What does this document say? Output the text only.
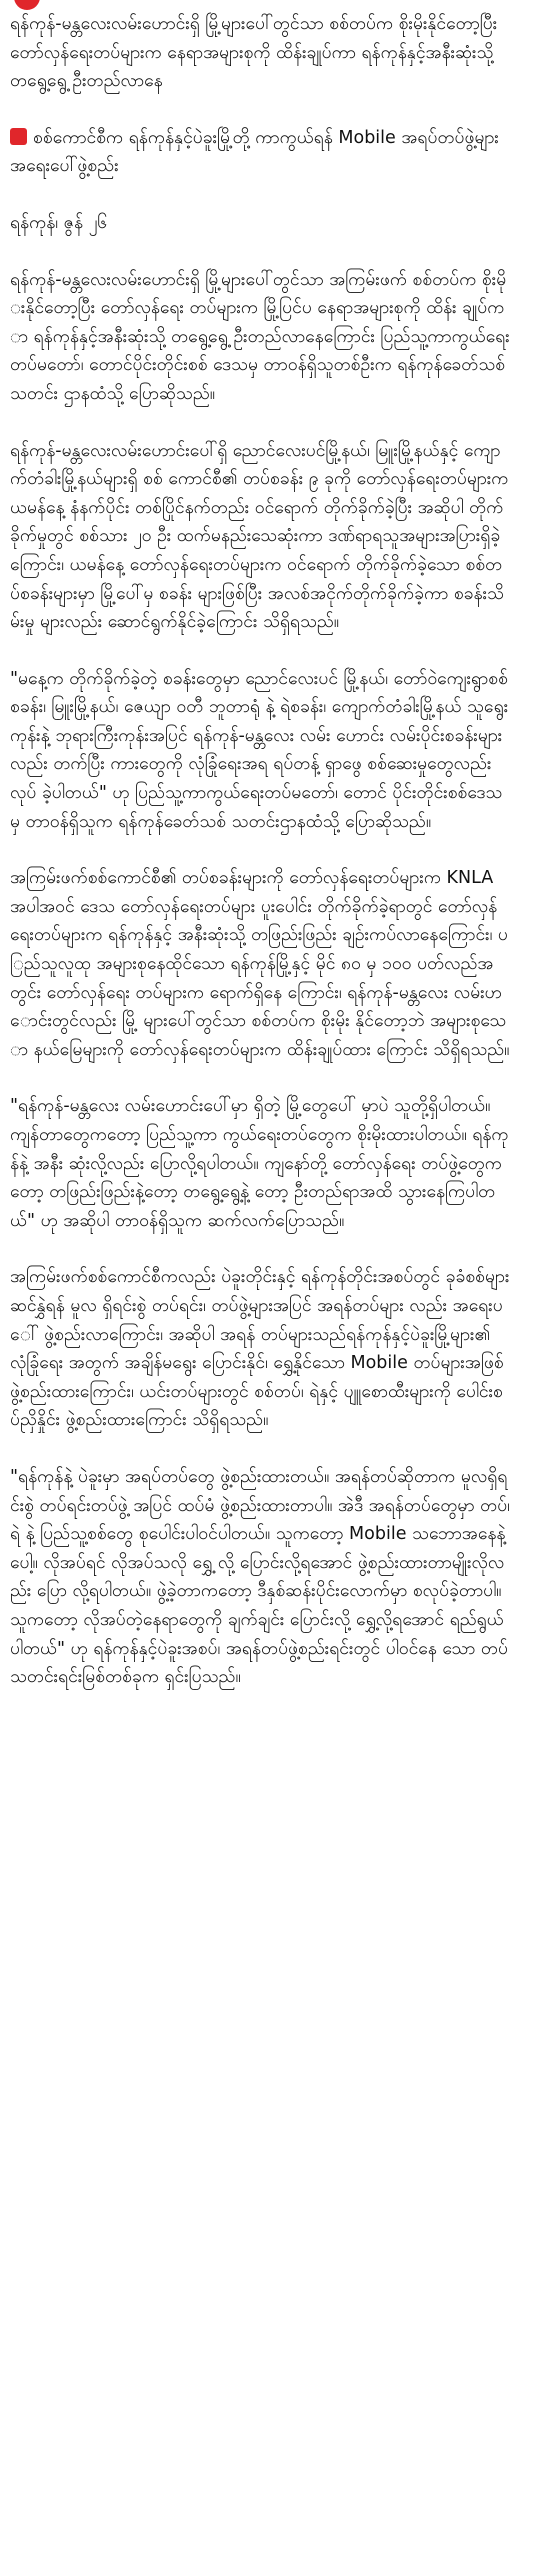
ရန်ကုန်-မန္တလေးလမ်းဟောင်းရှိ မြို့များပေါ်တွင်သာ စစ်တပ်က စိုးမိုးနိုင်တော့ပြီး တော်လှန်ရေးတပ်များက နေရာအများစုကို ထိန်းချုပ်ကာ ရန်ကုန်နှင့်အနီးဆုံးသို့ တရွေ့ရွေ့ ဦးတည်လာနေ

စစ်ကောင်စီက ရန်ကုန်နှင့်ပဲခူးမြို့တို့ ကာကွယ်ရန် Mobile အရပ်တပ်ဖွဲ့များ အရေးပေါ်ဖွဲ့စည်း

ရန်ကုန်၊ ဇွန် ၂၆

ရန်ကုန်-မန္တလေးလမ်းဟောင်းရှိ မြို့များပေါ်တွင်သာ အကြမ်းဖက် စစ်တပ်က စိုးမိုးနိုင်တော့ပြီး တော်လှန်ရေး တပ်များက မြို့ပြင်ပ နေရာအများစုကို ထိန်း ချုပ်ကာ ရန်ကုန်နှင့်အနီးဆုံးသို့ တရွေ့ရွေ့ ဦးတည်လာနေကြောင်း ပြည်သူ့ကာကွယ်ရေးတပ်မတော်၊ တောင်ပိုင်းတိုင်းစစ် ဒေသမှ တာဝန်ရှိသူတစ်ဦးက ရန်ကုန်ခေတ်သစ်သတင်း ဌာနထံသို့ ပြောဆိုသည်။

ရန်ကုန်-မန္တလေးလမ်းဟောင်းပေါ်ရှိ ညောင်လေးပင်မြို့နယ်၊ မြူးမြို့နယ်နှင့် ကျောက်တံခါးမြို့နယ်များရှိ စစ် ကောင်စီ၏ တပ်စခန်း ၉ ခုကို တော်လှန်ရေးတပ်များက ယမန်နေ့ နံနက်ပိုင်း တစ်ပြိုင်နက်တည်း ဝင်ရောက် တိုက်ခိုက်ခဲ့ပြီး အဆိုပါ တိုက်ခိုက်မှုတွင် စစ်သား ၂၀ ဦး ထက်မနည်းသေဆုံးကာ ဒဏ်ရာရသူအများအပြားရှိခဲ့ ကြောင်း၊ ယမန်နေ့ တော်လှန်ရေးတပ်များက ဝင်ရောက် တိုက်ခိုက်ခဲ့သော စစ်တပ်စခန်းများမှာ မြို့ပေါ်မှ စခန်း များဖြစ်ပြီး အလစ်အငိုက်တိုက်ခိုက်ခဲ့ကာ စခန်းသိမ်းမှု များလည်း ဆောင်ရွက်နိုင်ခဲ့ကြောင်း သိရှိရသည်။

"မနေ့က တိုက်ခိုက်ခဲ့တဲ့ စခန်းတွေမှာ ညောင်လေးပင် မြို့နယ်၊ တော်ဝဲကျေးရွာစစ်စခန်း၊ မြူးမြို့နယ်၊ ဇေယျာ ဝတီ ဘူတာရုံ နဲ့ ရဲစခန်း၊ ကျောက်တံခါးမြို့နယ် သူရွေး ကုန်းနဲ့ ဘုရားကြီးကုန်းအပြင် ရန်ကုန်-မန္တလေး လမ်း ဟောင်း လမ်းပိုင်းစခန်းများလည်း တက်ပြီး ကားတွေကို လုံခြုံရေးအရ ရပ်တန့် ရှာဖွေ စစ်ဆေးမှုတွေလည်း လုပ် ခဲ့ပါတယ်" ဟု ပြည်သူ့ကာကွယ်ရေးတပ်မတော်၊ တောင် ပိုင်းတိုင်းစစ်ဒေသမှ တာဝန်ရှိသူက ရန်ကုန်ခေတ်သစ် သတင်းဌာနထံသို့ ပြောဆိုသည်။

အကြမ်းဖက်စစ်ကောင်စီ၏ တပ်စခန်းများကို တော်လှန်ရေးတပ်များက KNLA အပါအဝင် ဒေသ တော်လှန်ရေးတပ်များ ပူးပေါင်း တိုက်ခိုက်ခဲ့ရာတွင် တော်လှန် ရေးတပ်များက ရန်ကုန်နှင့် အနီးဆုံးသို့ တဖြည်းဖြည်း ချဉ်းကပ်လာနေကြောင်း၊ ပြည်သူလူထု အများစုနေထိုင်သော ရန်ကုန်မြို့နှင့် မိုင် ၈၀ မှ ၁၀၀ ပတ်လည်အတွင်း တော်လှန်ရေး တပ်များက ရောက်ရှိနေ ကြောင်း၊ ရန်ကုန်-မန္တလေး လမ်းဟောင်းတွင်လည်း မြို့ များပေါ်တွင်သာ စစ်တပ်က စိုးမိုး နိုင်တော့ဘဲ အများစုသော နယ်မြေများကို တော်လှန်ရေးတပ်များက ထိန်းချုပ်ထား ကြောင်း သိရှိရသည်။

"ရန်ကုန်-မန္တလေး လမ်းဟောင်းပေါ်မှာ ရှိတဲ့ မြို့တွေပေါ် မှာပဲ သူတို့ရှိပါတယ်။ ကျန်တာတွေကတော့ ပြည်သူ့ကာ ကွယ်ရေးတပ်တွေက စိုးမိုးထားပါတယ်။ ရန်ကုန်နဲ့ အနီး ဆုံးလို့လည်း ပြောလို့ရပါတယ်။ ကျနော်တို့ တော်လှန်ရေး တပ်ဖွဲ့တွေကတော့ တဖြည်းဖြည်းနဲ့တော့ တရွေ့ရွေ့နဲ့ တော့ ဦးတည်ရာအထိ သွားနေကြပါတယ်" ဟု အဆိုပါ တာဝန်ရှိသူက ဆက်လက်ပြောသည်။

အကြမ်းဖက်စစ်ကောင်စီကလည်း ပဲခူးတိုင်းနှင့် ရန်ကုန်တိုင်းအစပ်တွင် ခုခံစစ်များ ဆင်နွှဲရန် မူလ ရှိရင်းစွဲ တပ်ရင်း၊ တပ်ဖွဲ့များအပြင် အရန်တပ်များ လည်း အရေးပေါ် ဖွဲ့စည်းလာကြောင်း၊ အဆိုပါ အရန် တပ်များသည်ရန်ကုန်နှင့်ပဲခူးမြို့များ၏ လုံခြုံရေး အတွက် အချိန်မရွေး ပြောင်းနိုင်၊ ရွှေ့နိုင်သော Mobile တပ်များအဖြစ် ဖွဲ့စည်းထားကြောင်း၊ ယင်းတပ်များတွင် စစ်တပ်၊ ရဲနှင့် ပျူစောထီးများကို ပေါင်းစပ်ညှိနှိုင်း ဖွဲ့စည်းထားကြောင်း သိရှိရသည်။

"ရန်ကုန်နဲ့ ပဲခူးမှာ အရပ်တပ်တွေ ဖွဲ့စည်းထားတယ်။ အရန်တပ်ဆိုတာက မူလရှိရင်းစွဲ တပ်ရင်းတပ်ဖွဲ့ အပြင် ထပ်မံ ဖွဲ့စည်းထားတာပါ။ အဲဒီ အရန်တပ်တွေမှာ တပ်၊ ရဲ နဲ့ ပြည်သူ့စစ်တွေ စုပေါင်းပါဝင်ပါတယ်။ သူကတော့ Mobile သဘောအနေနဲ့ပေါ့။ လိုအပ်ရင် လိုအပ်သလို ရွှေ့ လို့ ပြောင်းလို့ရအောင် ဖွဲ့စည်းထားတာမျိုးလိုလည်း ပြော လို့ရပါတယ်။ ဖွဲ့ခဲ့တာကတော့ ဒီနှစ်ဆန်းပိုင်းလောက်မှာ စလုပ်ခဲ့တာပါ။ သူကတော့ လိုအပ်တဲ့နေရာတွေကို ချက်ချင်း ပြောင်းလို့ ရွှေ့လို့ရအောင် ရည်ရွယ်ပါတယ်" ဟု ရန်ကုန်နှင့်ပဲခူးအစပ်၊ အရန်တပ်ဖွဲ့စည်းရင်းတွင် ပါဝင်နေ သော တပ်သတင်းရင်းမြစ်တစ်ခုက ရှင်းပြသည်။
